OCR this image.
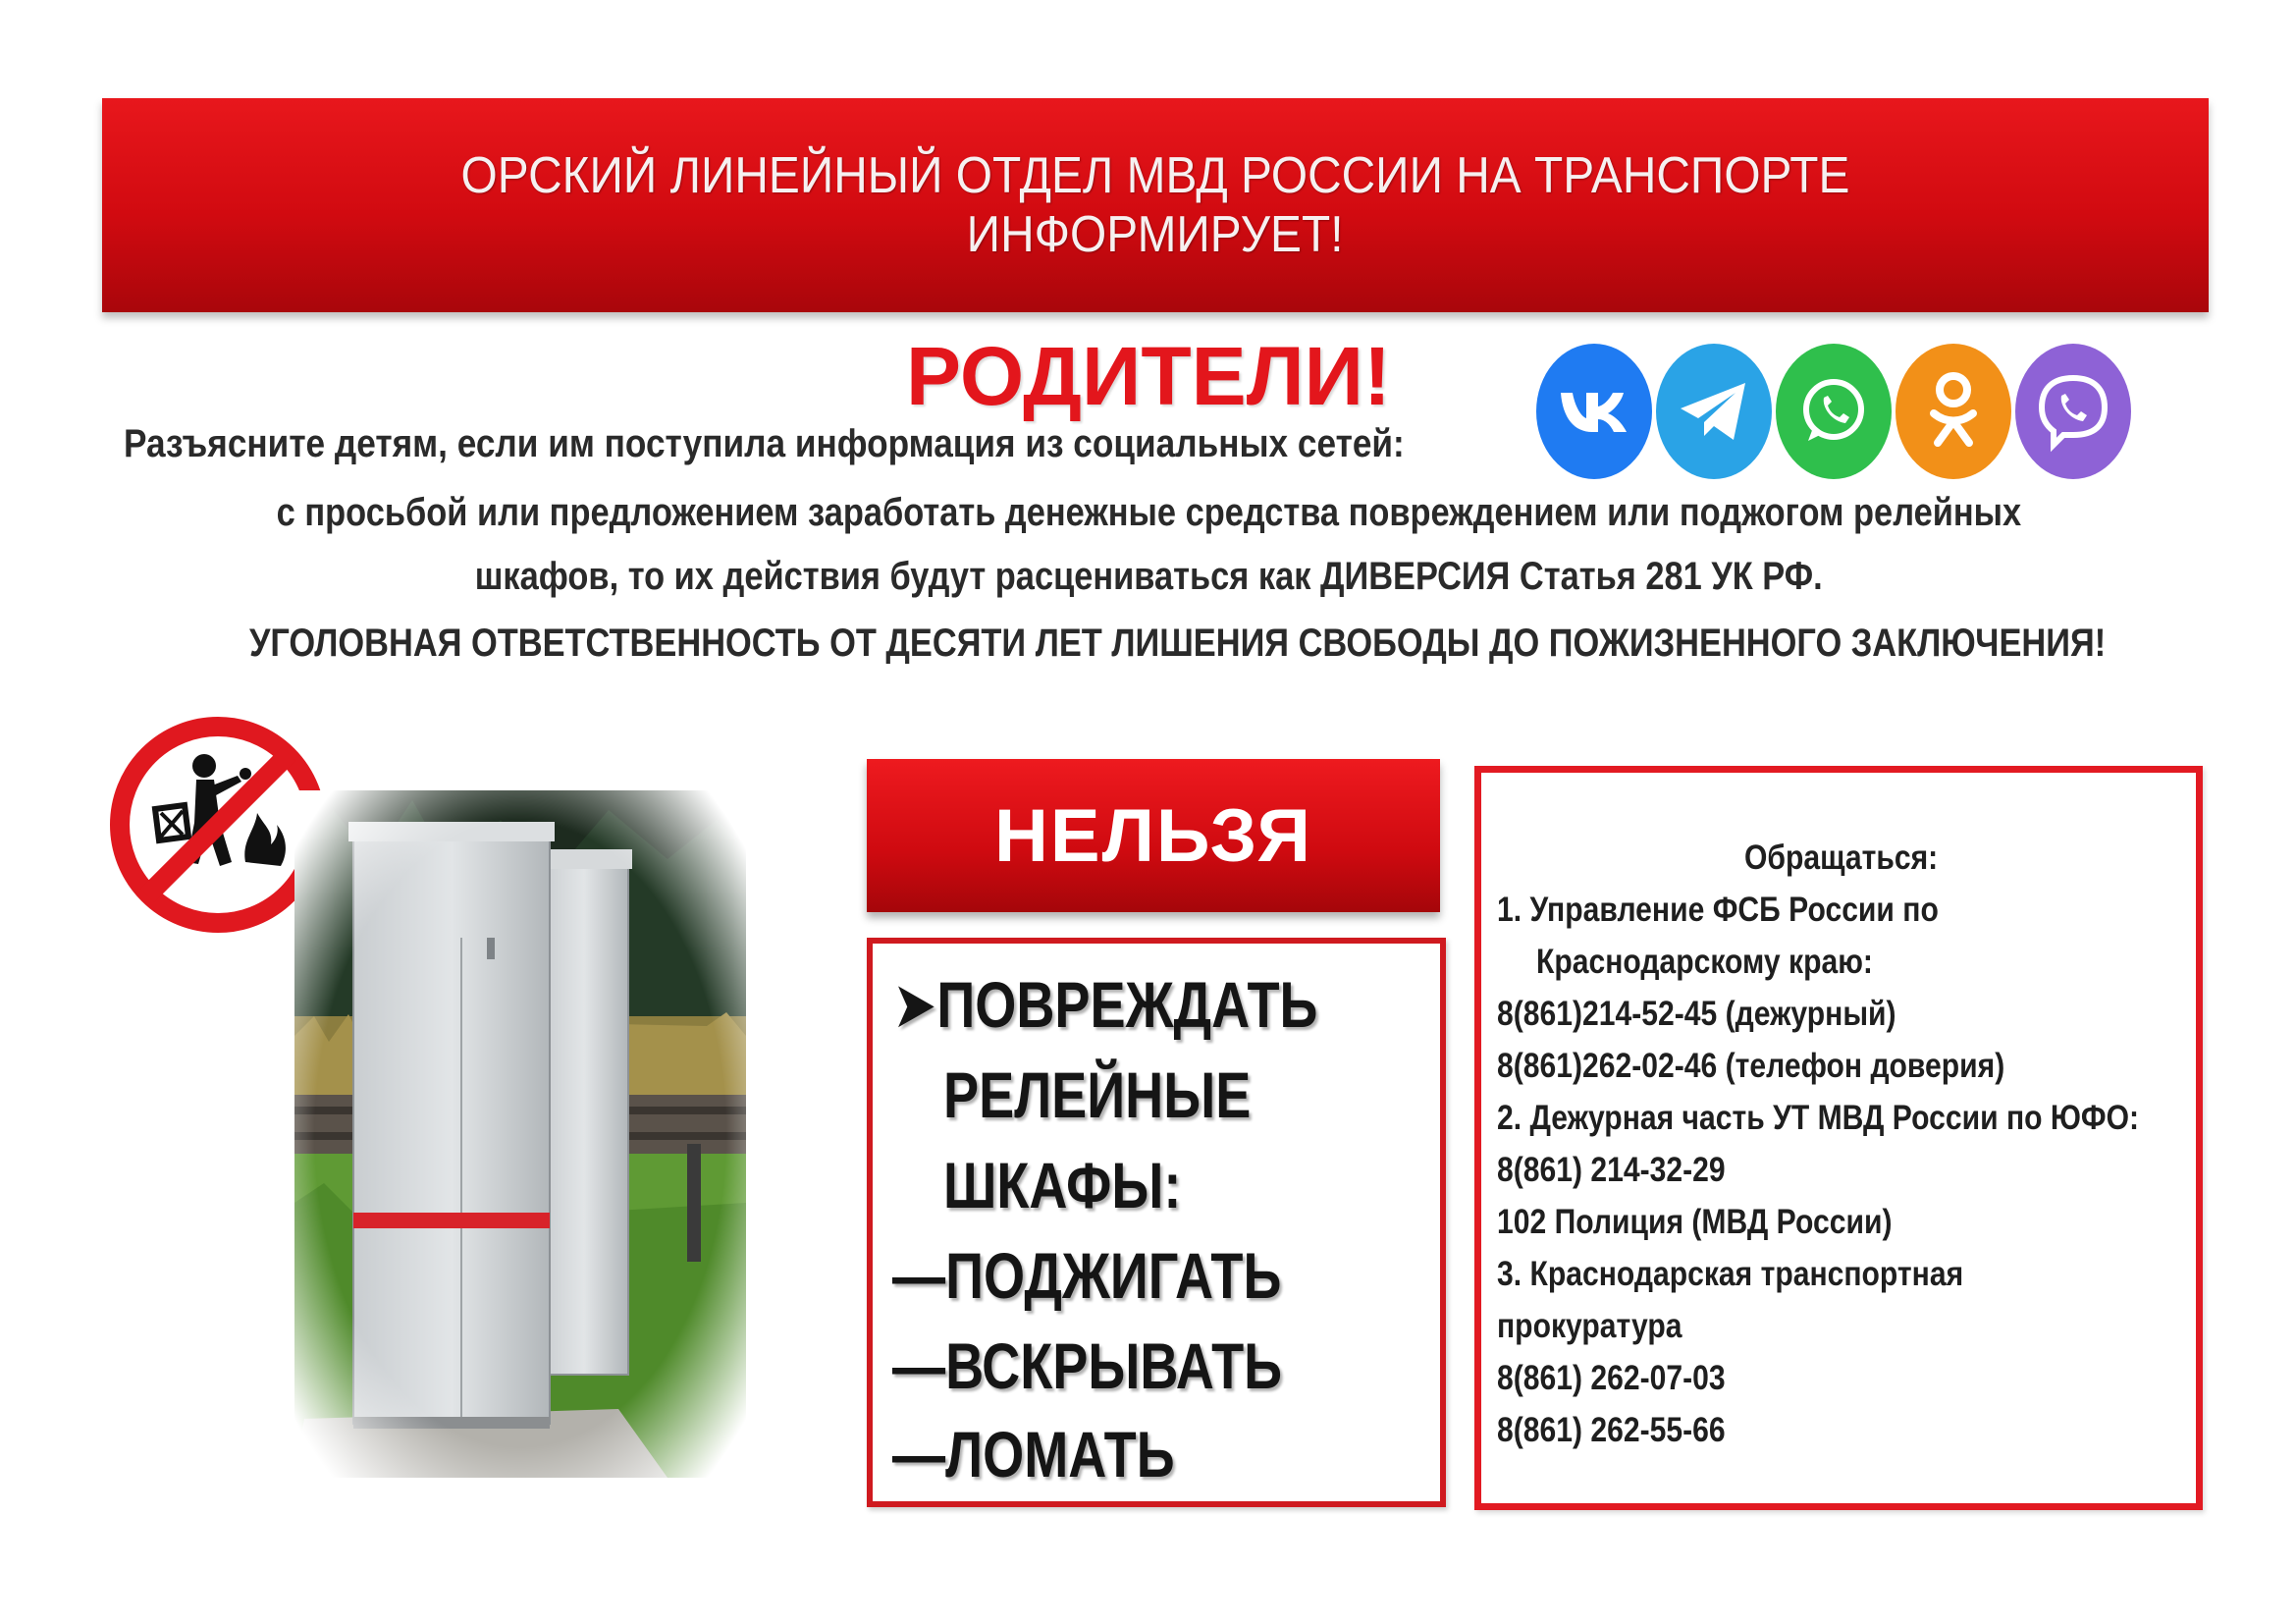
ОРСКИЙ ЛИНЕЙНЫЙ ОТДЕЛ МВД РОССИИ НА ТРАНСПОРТЕ
ИНФОРМИРУЕТ!
РОДИТЕЛИ!
Разъясните детям, если им поступила информация из социальных сетей:
с просьбой или предложением заработать денежные средства повреждением или поджогом релейных
шкафов, то их действия будут расцениваться как ДИВЕРСИЯ Статья 281 УК РФ.
УГОЛОВНАЯ ОТВЕТСТВЕННОСТЬ ОТ ДЕСЯТИ ЛЕТ ЛИШЕНИЯ СВОБОДЫ ДО ПОЖИЗНЕННОГО ЗАКЛЮЧЕНИЯ!
НЕЛЬЗЯ
➤ПОВРЕЖДАТЬ
РЕЛЕЙНЫЕ
ШКАФЫ:
—ПОДЖИГАТЬ
—ВСКРЫВАТЬ
—ЛОМАТЬ
Обращаться:
1. Управление ФСБ России по
Краснодарскому краю:
8(861)214-52-45 (дежурный)
8(861)262-02-46 (телефон доверия)
2. Дежурная часть УТ МВД России по ЮФО:
8(861) 214-32-29
102 Полиция (МВД России)
3. Краснодарская транспортная
прокуратура
8(861) 262-07-03
8(861) 262-55-66
